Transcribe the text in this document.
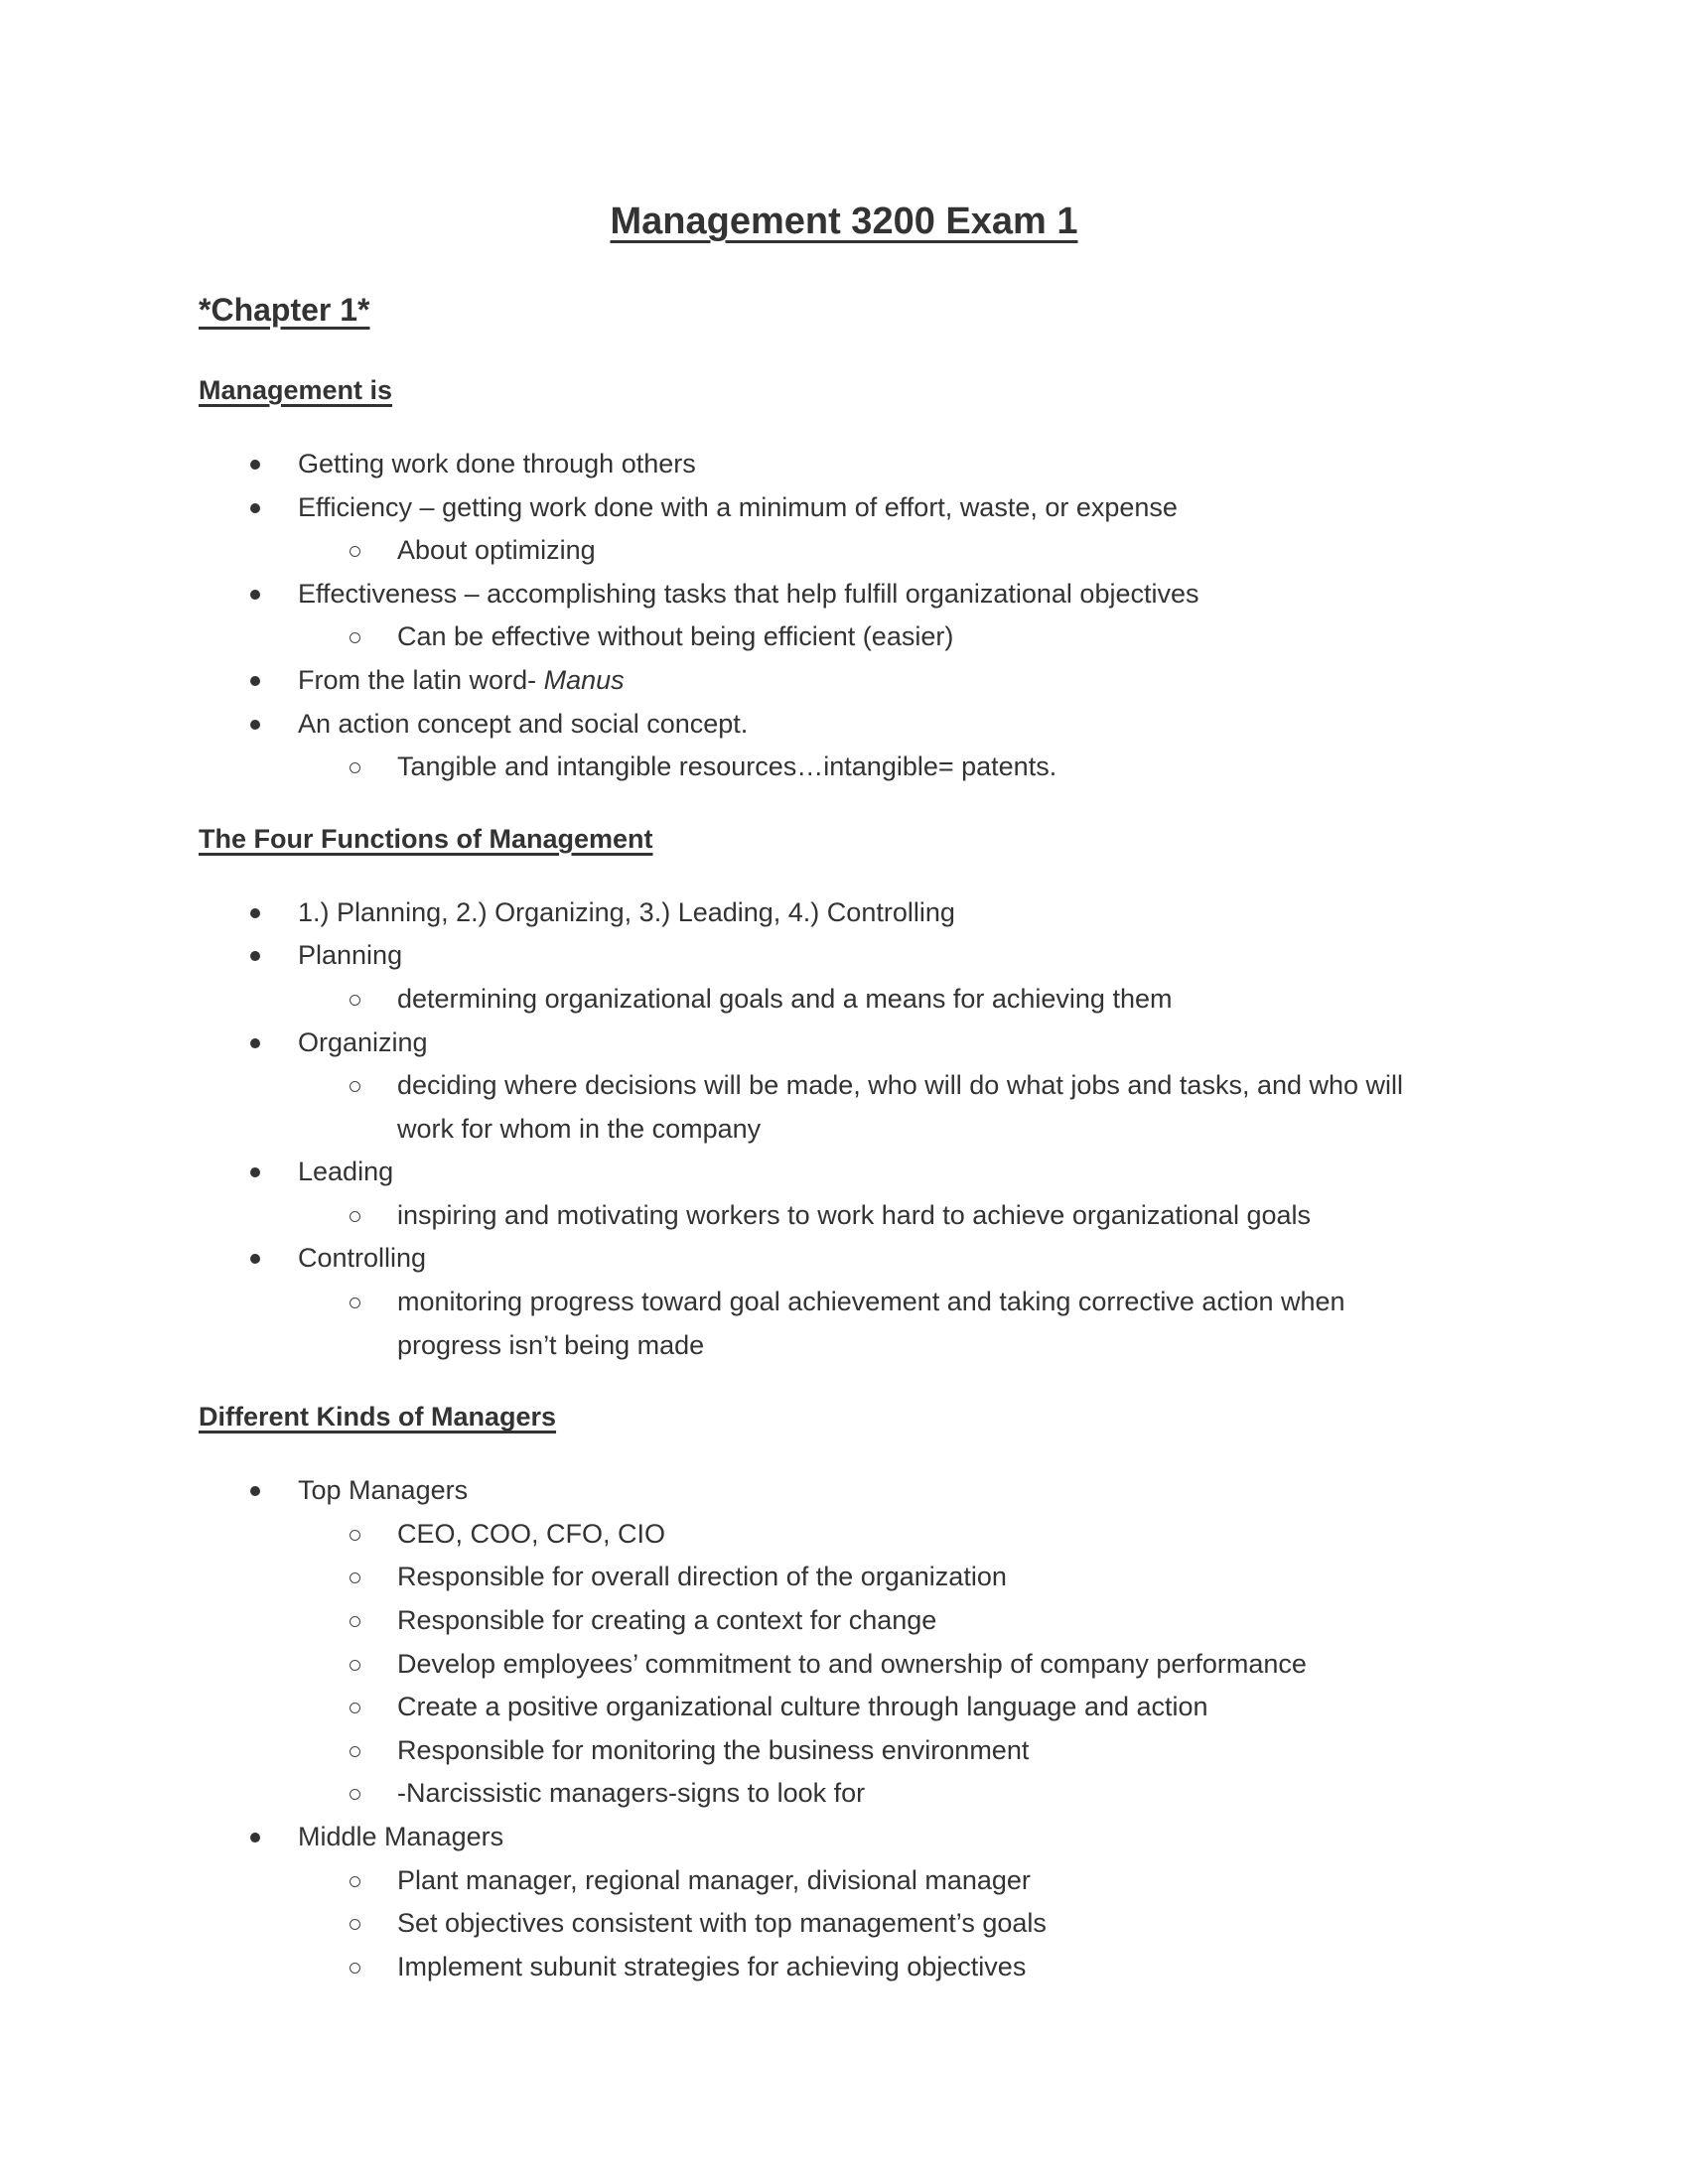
Management 3200 Exam 1
*Chapter 1*
Management is
Getting work done through others
Efficiency – getting work done with a minimum of effort, waste, or expense
About optimizing
Effectiveness – accomplishing tasks that help fulfill organizational objectives
Can be effective without being efficient (easier)
From the latin word- Manus
An action concept and social concept.
Tangible and intangible resources…intangible= patents.
The Four Functions of Management
1.) Planning, 2.) Organizing, 3.) Leading, 4.) Controlling
Planning
determining organizational goals and a means for achieving them
Organizing
deciding where decisions will be made, who will do what jobs and tasks, and who will
work for whom in the company
Leading
inspiring and motivating workers to work hard to achieve organizational goals
Controlling
monitoring progress toward goal achievement and taking corrective action when
progress isn’t being made
Different Kinds of Managers
Top Managers
CEO, COO, CFO, CIO
Responsible for overall direction of the organization
Responsible for creating a context for change
Develop employees’ commitment to and ownership of company performance
Create a positive organizational culture through language and action
Responsible for monitoring the business environment
-Narcissistic managers-signs to look for
Middle Managers
Plant manager, regional manager, divisional manager
Set objectives consistent with top management’s goals
Implement subunit strategies for achieving objectives
